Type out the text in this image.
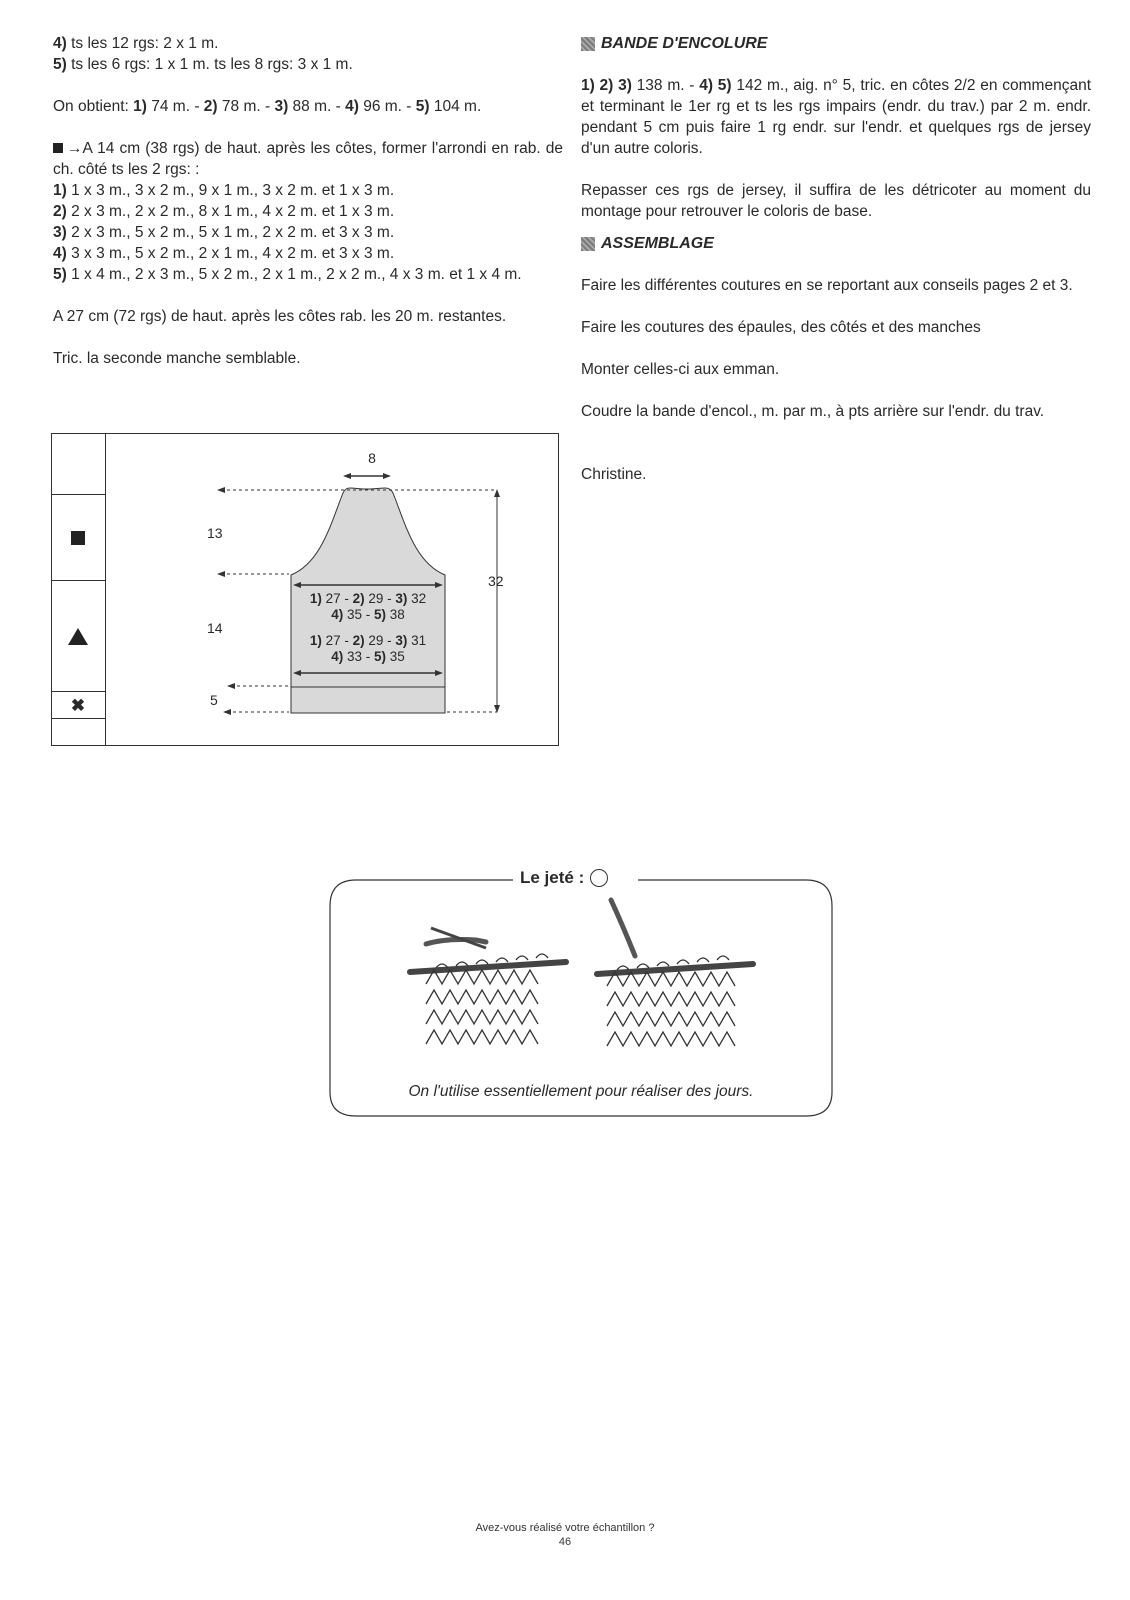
4) ts les 12 rgs: 2 x 1 m.

5) ts les 6 rgs: 1 x 1 m. ts les 8 rgs: 3 x 1 m.

On obtient: 1) 74 m. - 2) 78 m. - 3) 88 m. - 4) 96 m. - 5) 104 m.

→A 14 cm (38 rgs) de haut. après les côtes, former l'arrondi en rab. de ch. côté ts les 2 rgs: :

1) 1 x 3 m., 3 x 2 m., 9 x 1 m., 3 x 2 m. et 1 x 3 m.

2) 2 x 3 m., 2 x 2 m., 8 x 1 m., 4 x 2 m. et 1 x 3 m.

3) 2 x 3 m., 5 x 2 m., 5 x 1 m., 2 x 2 m. et 3 x 3 m.

4) 3 x 3 m., 5 x 2 m., 2 x 1 m., 4 x 2 m. et 3 x 3 m.

5) 1 x 4 m., 2 x 3 m., 5 x 2 m., 2 x 1 m., 2 x 2 m., 4 x 3 m. et 1 x 4 m.

A 27 cm (72 rgs) de haut. après les côtes rab. les 20 m. restantes.

Tric. la seconde manche semblable.

BANDE D'ENCOLURE

1) 2) 3) 138 m. - 4) 5) 142 m., aig. n° 5, tric. en côtes 2/2 en commençant et terminant le 1er rg et ts les rgs impairs (endr. du trav.) par 2 m. endr. pendant 5 cm puis faire 1 rg endr. sur l'endr. et quelques rgs de jersey d'un autre coloris.

Repasser ces rgs de jersey, il suffira de les détricoter au moment du montage pour retrouver le coloris de base.

ASSEMBLAGE

Faire les différentes coutures en se reportant aux conseils pages 2 et 3.

Faire les coutures des épaules, des côtés et des manches

Monter celles-ci aux emman.

Coudre la bande d'encol., m. par m., à pts arrière sur l'endr. du trav.

Christine.

✖
8
13
14
5
32
1) 27 - 2) 29 - 3) 32
4) 35 - 5) 38
1) 27 - 2) 29 - 3) 31
4) 33 - 5) 35
Le jeté :
On l'utilise essentiellement pour réaliser des jours.
Avez-vous réalisé votre échantillon ?
46
